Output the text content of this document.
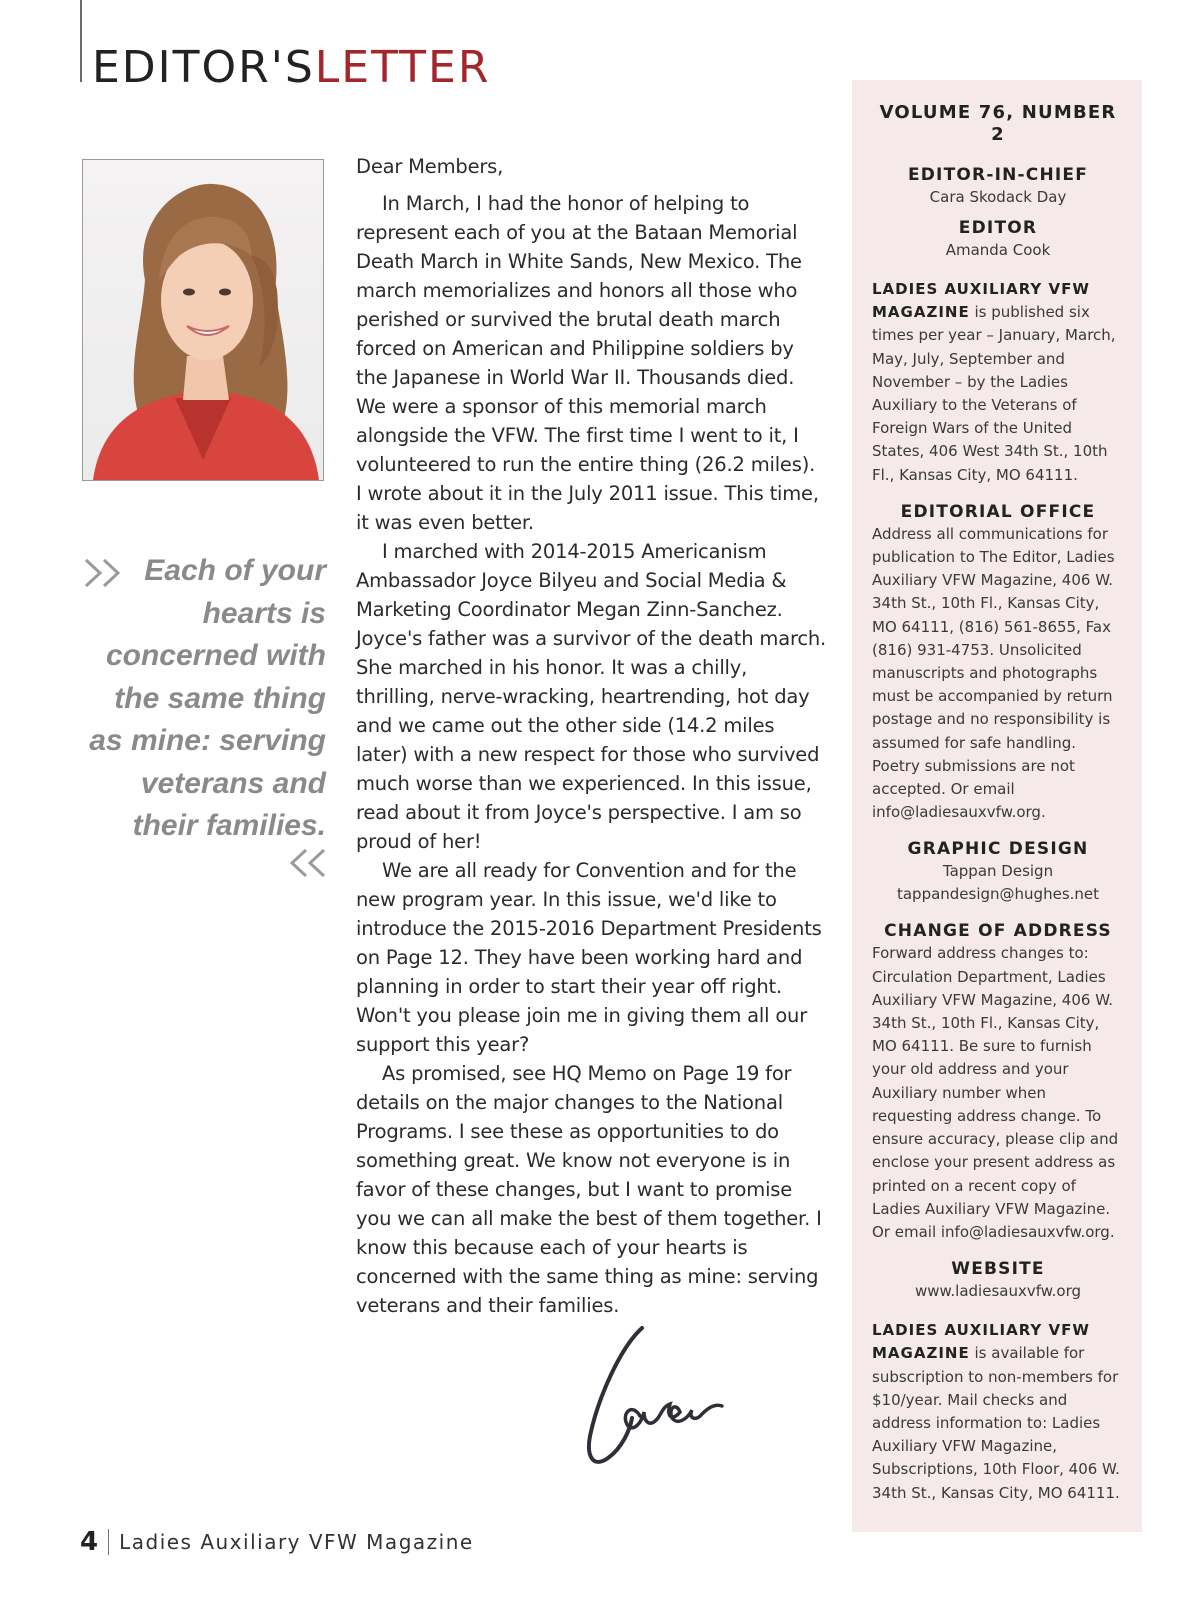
EDITOR'SLETTER
Each of your hearts is concerned with the same thing as mine: serving veterans and their families.

Dear Members,

In March, I had the honor of helping to represent each of you at the Bataan Memorial Death March in White Sands, New Mexico. The march memorializes and honors all those who perished or survived the brutal death march forced on American and Philippine soldiers by the Japanese in World War II. Thousands died. We were a sponsor of this memorial march alongside the VFW. The first time I went to it, I volunteered to run the entire thing (26.2 miles). I wrote about it in the July 2011 issue. This time, it was even better.

I marched with 2014-2015 Americanism Ambassador Joyce Bilyeu and Social Media & Marketing Coordinator Megan Zinn-Sanchez. Joyce's father was a survivor of the death march. She marched in his honor. It was a chilly, thrilling, nerve-wracking, heartrending, hot day and we came out the other side (14.2 miles later) with a new respect for those who survived much worse than we experienced. In this issue, read about it from Joyce's perspective. I am so proud of her!

We are all ready for Convention and for the new program year. In this issue, we'd like to introduce the 2015-2016 Department Presidents on Page 12. They have been working hard and planning in order to start their year off right. Won't you please join me in giving them all our support this year?

As promised, see HQ Memo on Page 19 for details on the major changes to the National Programs. I see these as opportunities to do something great. We know not everyone is in favor of these changes, but I want to promise you we can all make the best of them together. I know this because each of your hearts is concerned with the same thing as mine: serving veterans and their families.

VOLUME 76, NUMBER 2

EDITOR-IN-CHIEF

Cara Skodack Day

EDITOR

Amanda Cook

LADIES AUXILIARY VFW MAGAZINE is published six times per year – January, March, May, July, September and November – by the Ladies Auxiliary to the Veterans of Foreign Wars of the United States, 406 West 34th St., 10th Fl., Kansas City, MO 64111.

EDITORIAL OFFICE

Address all communications for publication to The Editor, Ladies Auxiliary VFW Magazine, 406 W. 34th St., 10th Fl., Kansas City, MO 64111, (816) 561-8655, Fax (816) 931-4753. Unsolicited manuscripts and photographs must be accompanied by return postage and no responsibility is assumed for safe handling. Poetry submissions are not accepted. Or email info@ladiesauxvfw.org.

GRAPHIC DESIGN

Tappan Design

tappandesign@hughes.net

CHANGE OF ADDRESS

Forward address changes to: Circulation Department, Ladies Auxiliary VFW Magazine, 406 W. 34th St., 10th Fl., Kansas City, MO 64111. Be sure to furnish your old address and your Auxiliary number when requesting address change. To ensure accuracy, please clip and enclose your present address as printed on a recent copy of Ladies Auxiliary VFW Magazine. Or email info@ladiesauxvfw.org.

WEBSITE

www.ladiesauxvfw.org

LADIES AUXILIARY VFW MAGAZINE is available for subscription to non-members for $10/year. Mail checks and address information to: Ladies Auxiliary VFW Magazine, Subscriptions, 10th Floor, 406 W. 34th St., Kansas City, MO 64111.

4 Ladies Auxiliary VFW Magazine
